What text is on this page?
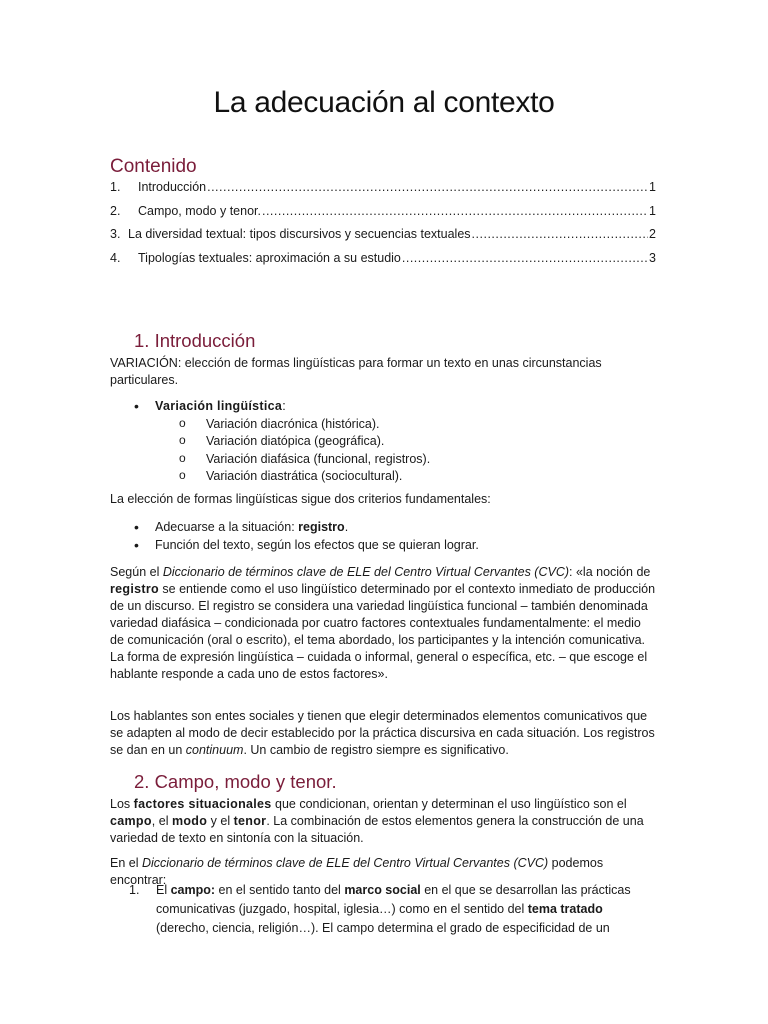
La adecuación al contexto
Contenido
1.	Introducción .....	1
2.	Campo, modo y tenor. .....	1
3. La diversidad textual: tipos discursivos y secuencias textuales .....	2
4.	Tipologías textuales: aproximación a su estudio .....	3
1. Introducción

VARIACIÓN: elección de formas lingüísticas para formar un texto en unas circunstancias particulares.

• Variación lingüística:
o Variación diacrónica (histórica).
o Variación diatópica (geográfica).
o Variación diafásica (funcional, registros).
o Variación diastrática (sociocultural).

La elección de formas lingüísticas sigue dos criterios fundamentales:

• Adecuarse a la situación: registro.
• Función del texto, según los efectos que se quieran lograr.

Según el Diccionario de términos clave de ELE del Centro Virtual Cervantes (CVC): «la noción de registro se entiende como el uso lingüístico determinado por el contexto inmediato de producción de un discurso. El registro se considera una variedad lingüística funcional – también denominada variedad diafásica – condicionada por cuatro factores contextuales fundamentalmente: el medio de comunicación (oral o escrito), el tema abordado, los participantes y la intención comunicativa. La forma de expresión lingüística – cuidada o informal, general o específica, etc. – que escoge el hablante responde a cada uno de estos factores».

Los hablantes son entes sociales y tienen que elegir determinados elementos comunicativos que se adapten al modo de decir establecido por la práctica discursiva en cada situación. Los registros se dan en un continuum. Un cambio de registro siempre es significativo.

2. Campo, modo y tenor.

Los factores situacionales que condicionan, orientan y determinan el uso lingüístico son el campo, el modo y el tenor. La combinación de estos elementos genera la construcción de una variedad de texto en sintonía con la situación.

En el Diccionario de términos clave de ELE del Centro Virtual Cervantes (CVC) podemos encontrar:

1. El campo: en el sentido tanto del marco social en el que se desarrollan las prácticas comunicativas (juzgado, hospital, iglesia…) como en el sentido del tema tratado (derecho, ciencia, religión…). El campo determina el grado de especificidad de un
